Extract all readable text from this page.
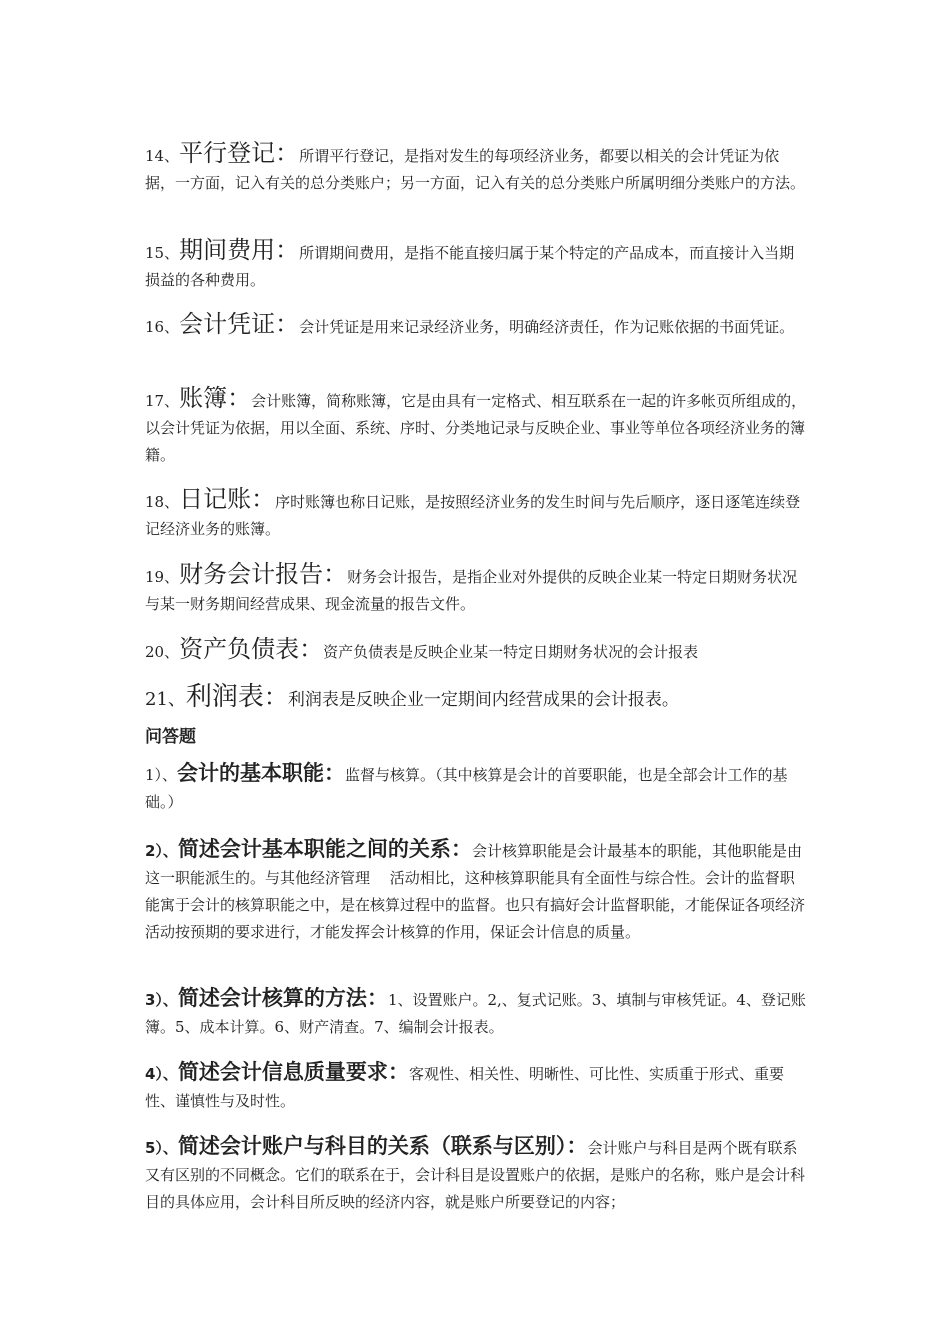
14、平行登记：所谓平行登记，是指对发生的每项经济业务，都要以相关的会计凭证为依据，一方面，记入有关的总分类账户；另一方面，记入有关的总分类账户所属明细分类账户的方法。
15、期间费用：所谓期间费用，是指不能直接归属于某个特定的产品成本，而直接计入当期损益的各种费用。
16、会计凭证：会计凭证是用来记录经济业务，明确经济责任，作为记账依据的书面凭证。
17、账簿：会计账簿，简称账簿，它是由具有一定格式、相互联系在一起的许多帐页所组成的，以会计凭证为依据，用以全面、系统、序时、分类地记录与反映企业、事业等单位各项经济业务的簿籍。
18、日记账：序时账簿也称日记账，是按照经济业务的发生时间与先后顺序，逐日逐笔连续登记经济业务的账簿。
19、财务会计报告：财务会计报告，是指企业对外提供的反映企业某一特定日期财务状况与某一财务期间经营成果、现金流量的报告文件。
20、资产负债表：资产负债表是反映企业某一特定日期财务状况的会计报表
21、利润表：利润表是反映企业一定期间内经营成果的会计报表。
问答题
1）、会计的基本职能：监督与核算。（其中核算是会计的首要职能，也是全部会计工作的基础。）
2）、简述会计基本职能之间的关系：会计核算职能是会计最基本的职能，其他职能是由这一职能派生的。与其他经济管理　 活动相比，这种核算职能具有全面性与综合性。会计的监督职能寓于会计的核算职能之中，是在核算过程中的监督。也只有搞好会计监督职能，才能保证各项经济活动按预期的要求进行，才能发挥会计核算的作用，保证会计信息的质量。
3）、简述会计核算的方法：1、设置账户。2,、复式记账。3、填制与审核凭证。4、登记账簿。5、成本计算。6、财产清查。7、编制会计报表。
4）、简述会计信息质量要求：客观性、相关性、明晰性、可比性、实质重于形式、重要性、谨慎性与及时性。
5）、简述会计账户与科目的关系（联系与区别）：会计账户与科目是两个既有联系又有区别的不同概念。它们的联系在于，会计科目是设置账户的依据，是账户的名称，账户是会计科目的具体应用，会计科目所反映的经济内容，就是账户所要登记的内容；
